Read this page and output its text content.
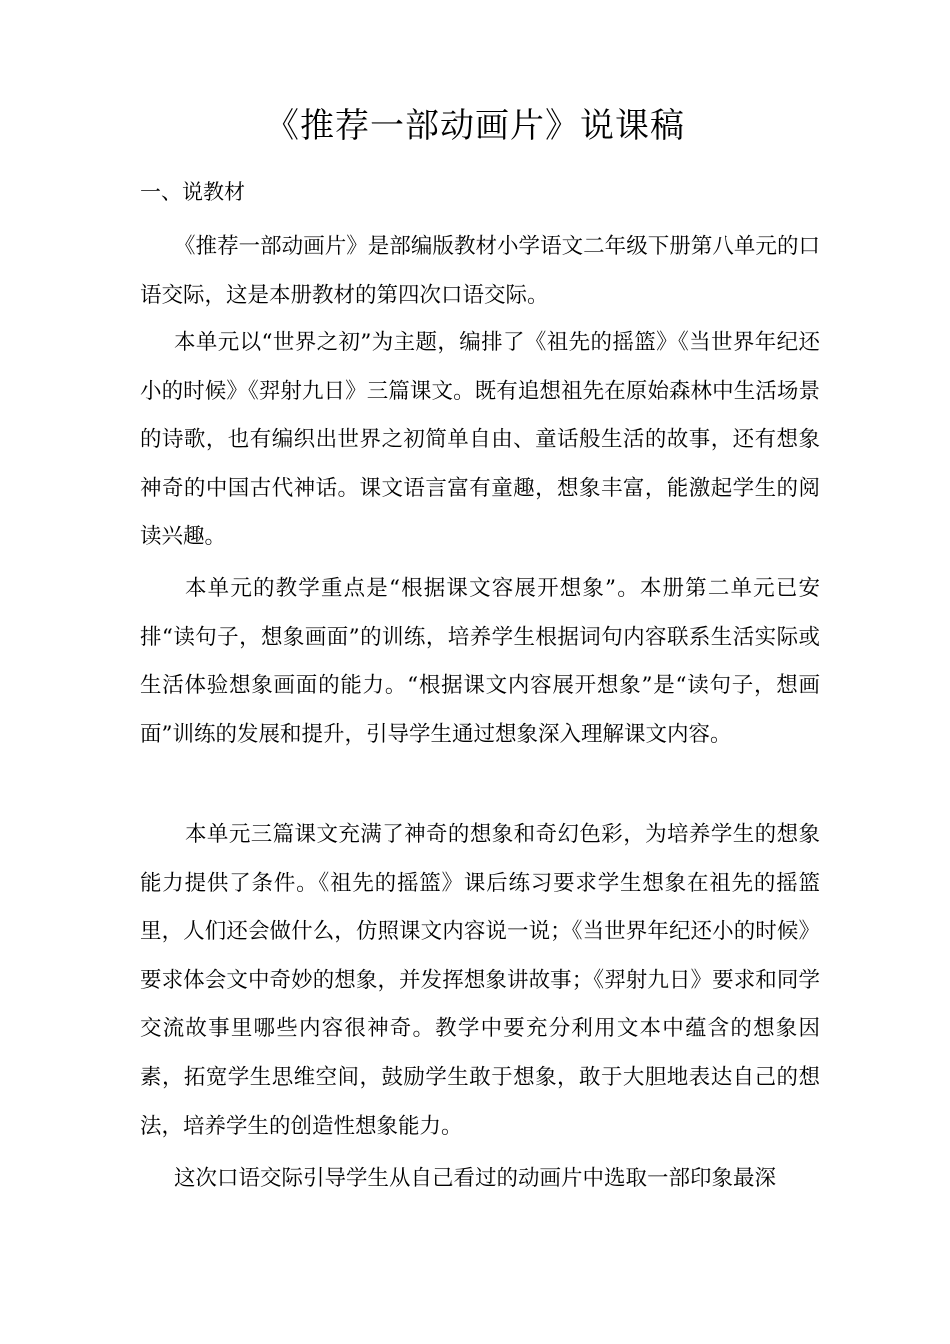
《推荐一部动画片》说课稿
一、说教材

《推荐一部动画片》是部编版教材小学语文二年级下册第八单元的口语交际，这是本册教材的第四次口语交际。

本单元以“世界之初”为主题，编排了《祖先的摇篮》《当世界年纪还小的时候》《羿射九日》三篇课文。既有追想祖先在原始森林中生活场景的诗歌，也有编织出世界之初简单自由、童话般生活的故事，还有想象神奇的中国古代神话。课文语言富有童趣，想象丰富，能激起学生的阅读兴趣。

本单元的教学重点是“根据课文容展开想象”。本册第二单元已安排“读句子，想象画面”的训练，培养学生根据词句内容联系生活实际或生活体验想象画面的能力。“根据课文内容展开想象”是“读句子，想画面”训练的发展和提升，引导学生通过想象深入理解课文内容。

本单元三篇课文充满了神奇的想象和奇幻色彩，为培养学生的想象能力提供了条件。《祖先的摇篮》课后练习要求学生想象在祖先的摇篮里，人们还会做什么，仿照课文内容说一说；《当世界年纪还小的时候》要求体会文中奇妙的想象，并发挥想象讲故事；《羿射九日》要求和同学交流故事里哪些内容很神奇。教学中要充分利用文本中蕴含的想象因素，拓宽学生思维空间，鼓励学生敢于想象，敢于大胆地表达自己的想法，培养学生的创造性想象能力。

这次口语交际引导学生从自己看过的动画片中选取一部印象最深
